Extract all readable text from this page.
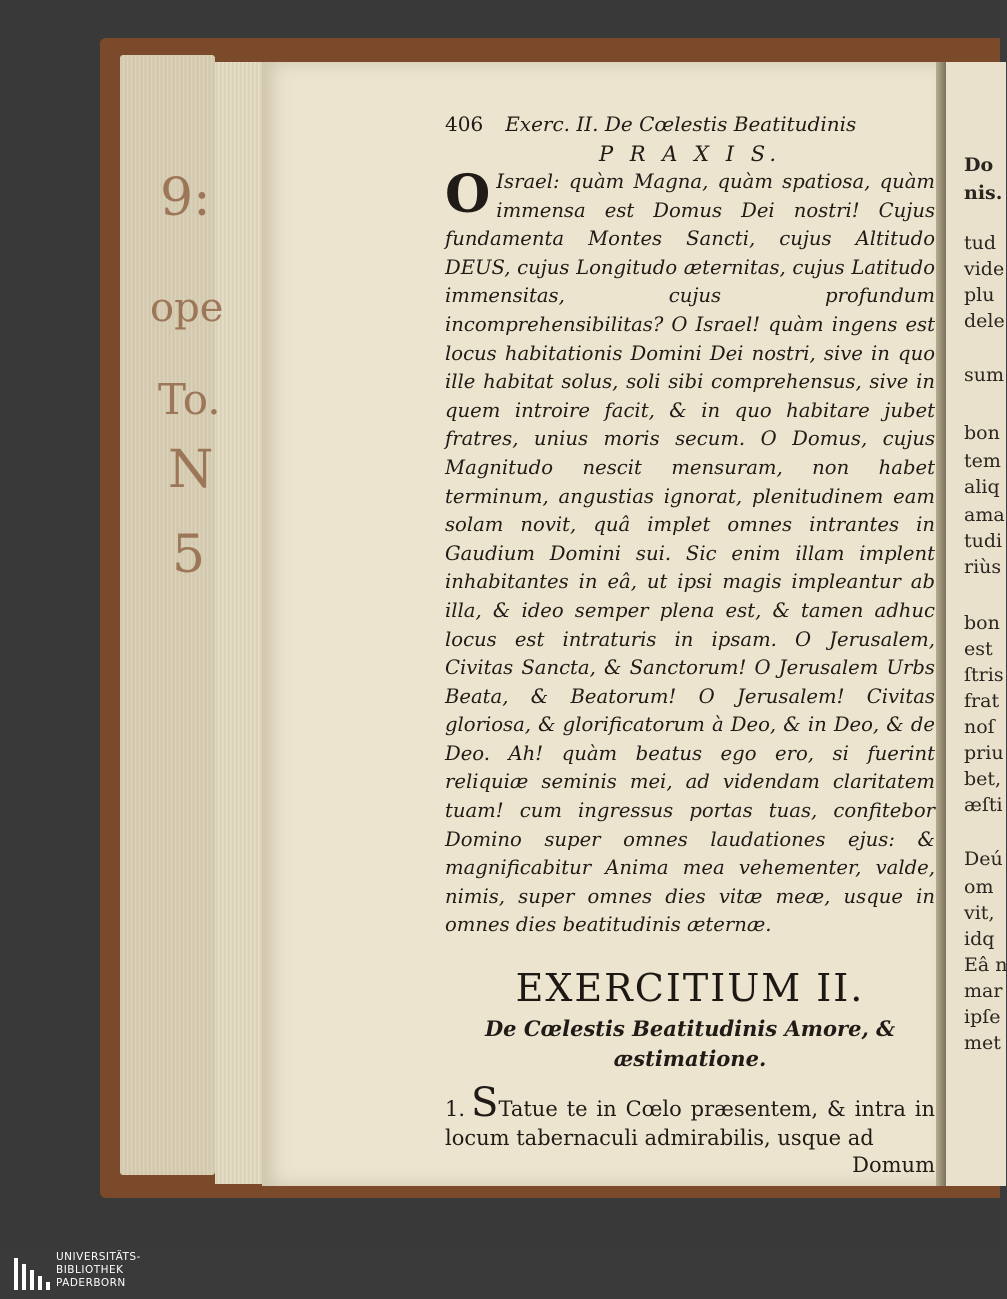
9:
ope
To.
N
5
Do
nis.
tud
vide
plu
dele
sum
bon
tem
aliq
ama
tudi
riùs
bon
est
ſtris
frat
noſ
priu
bet,
æſti
Deú
om
vit,
idq
Eâ n
mar
ipſe
met
406 Exerc. II. De Cœlestis Beatitudinis
P R A X I S.
O Israel: quàm Magna, quàm spatiosa, quàm immensa est Domus Dei nostri! Cujus fundamenta Montes Sancti, cujus Altitudo DEUS, cujus Longitudo æternitas, cujus Latitudo immensitas, cujus profundum incomprehensibilitas? O Israel! quàm ingens est locus habitationis Domini Dei nostri, sive in quo ille habitat solus, soli sibi comprehensus, sive in quem introire facit, & in quo habitare jubet fratres, unius moris secum. O Domus, cujus Magnitudo nescit mensuram, non habet terminum, angustias ignorat, plenitudinem eam solam novit, quâ implet omnes intrantes in Gaudium Domini sui. Sic enim illam implent inhabitantes in eâ, ut ipsi magis impleantur ab illa, & ideo semper plena est, & tamen adhuc locus est intraturis in ipsam. O Jerusalem, Civitas Sancta, & Sanctorum! O Jerusalem Urbs Beata, & Beatorum! O Jerusalem! Civitas gloriosa, & glorificatorum à Deo, & in Deo, & de Deo. Ah! quàm beatus ego ero, si fuerint reliquiæ seminis mei, ad videndam claritatem tuam! cum ingressus portas tuas, confitebor Domino super omnes laudationes ejus: & magnificabitur Anima mea vehementer, valde, nimis, super omnes dies vitæ meæ, usque in omnes dies beatitudinis æternæ.
EXERCITIUM II.
De Cœlestis Beatitudinis Amore, & æstimatione.
1. STatue te in Cœlo præsentem, & intra in locum tabernaculi admirabilis, usque ad
Domum
UNIVERSITÄTS-
BIBLIOTHEK
PADERBORN
